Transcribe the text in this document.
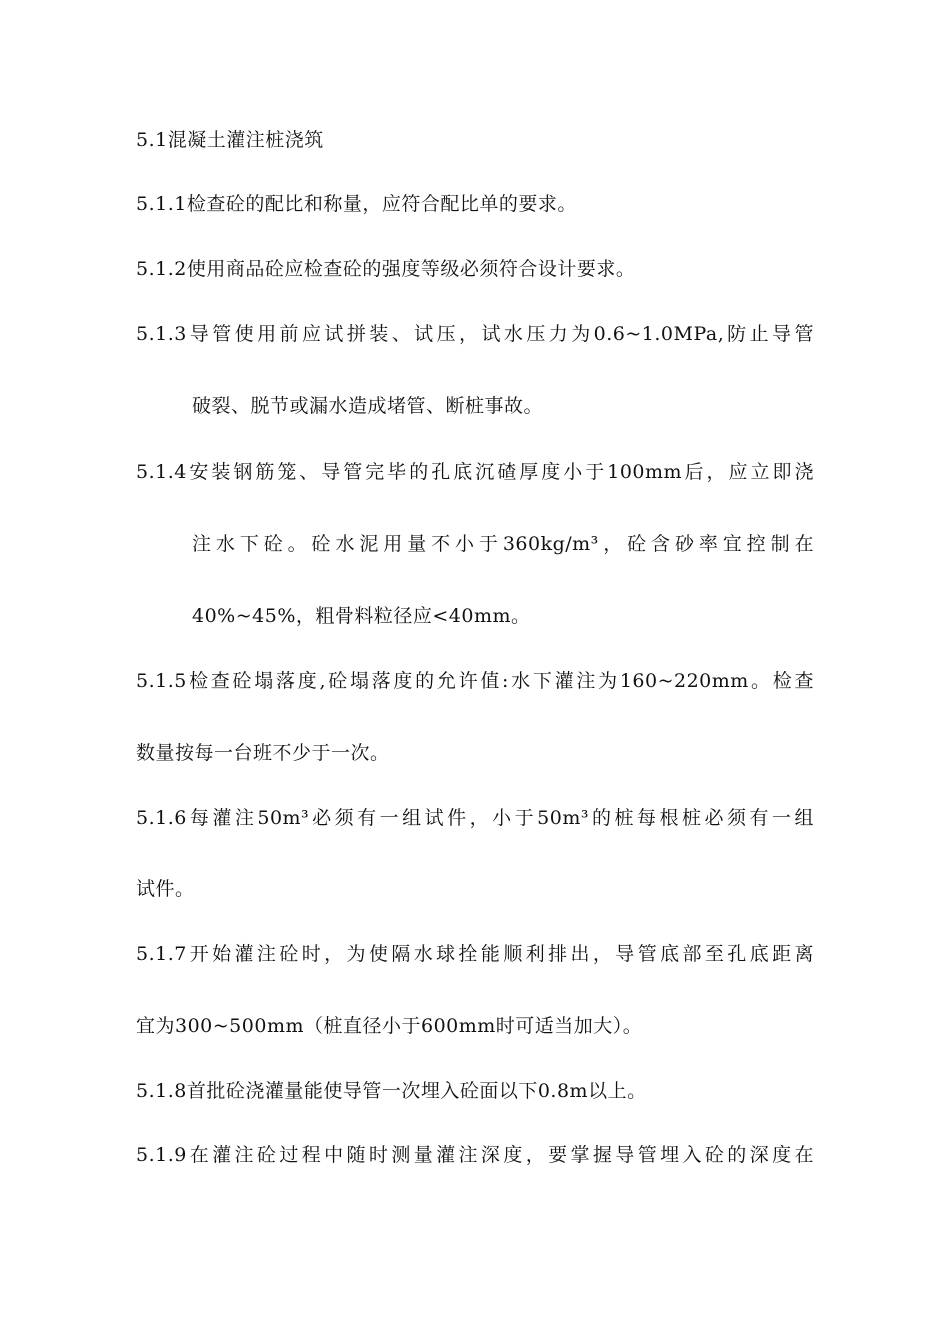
5.1混凝土灌注桩浇筑
5.1.1检查砼的配比和称量，应符合配比单的要求。
5.1.2使用商品砼应检查砼的强度等级必须符合设计要求。
5.1.3导管使用前应试拼装、试压，试水压力为0.6~1.0MPa,防止导管
破裂、脱节或漏水造成堵管、断桩事故。
5.1.4安装钢筋笼、导管完毕的孔底沉碴厚度小于100mm后，应立即浇
注水下砼。砼水泥用量不小于360kg/m³，砼含砂率宜控制在
40%~45%，粗骨料粒径应<40mm。
5.1.5检查砼塌落度,砼塌落度的允许值:水下灌注为160~220mm。检查
数量按每一台班不少于一次。
5.1.6每灌注50m³必须有一组试件，小于50m³的桩每根桩必须有一组
试件。
5.1.7开始灌注砼时，为使隔水球拴能顺利排出，导管底部至孔底距离
宜为300~500mm（桩直径小于600mm时可适当加大）。
5.1.8首批砼浇灌量能使导管一次埋入砼面以下0.8m以上。
5.1.9在灌注砼过程中随时测量灌注深度，要掌握导管埋入砼的深度在
